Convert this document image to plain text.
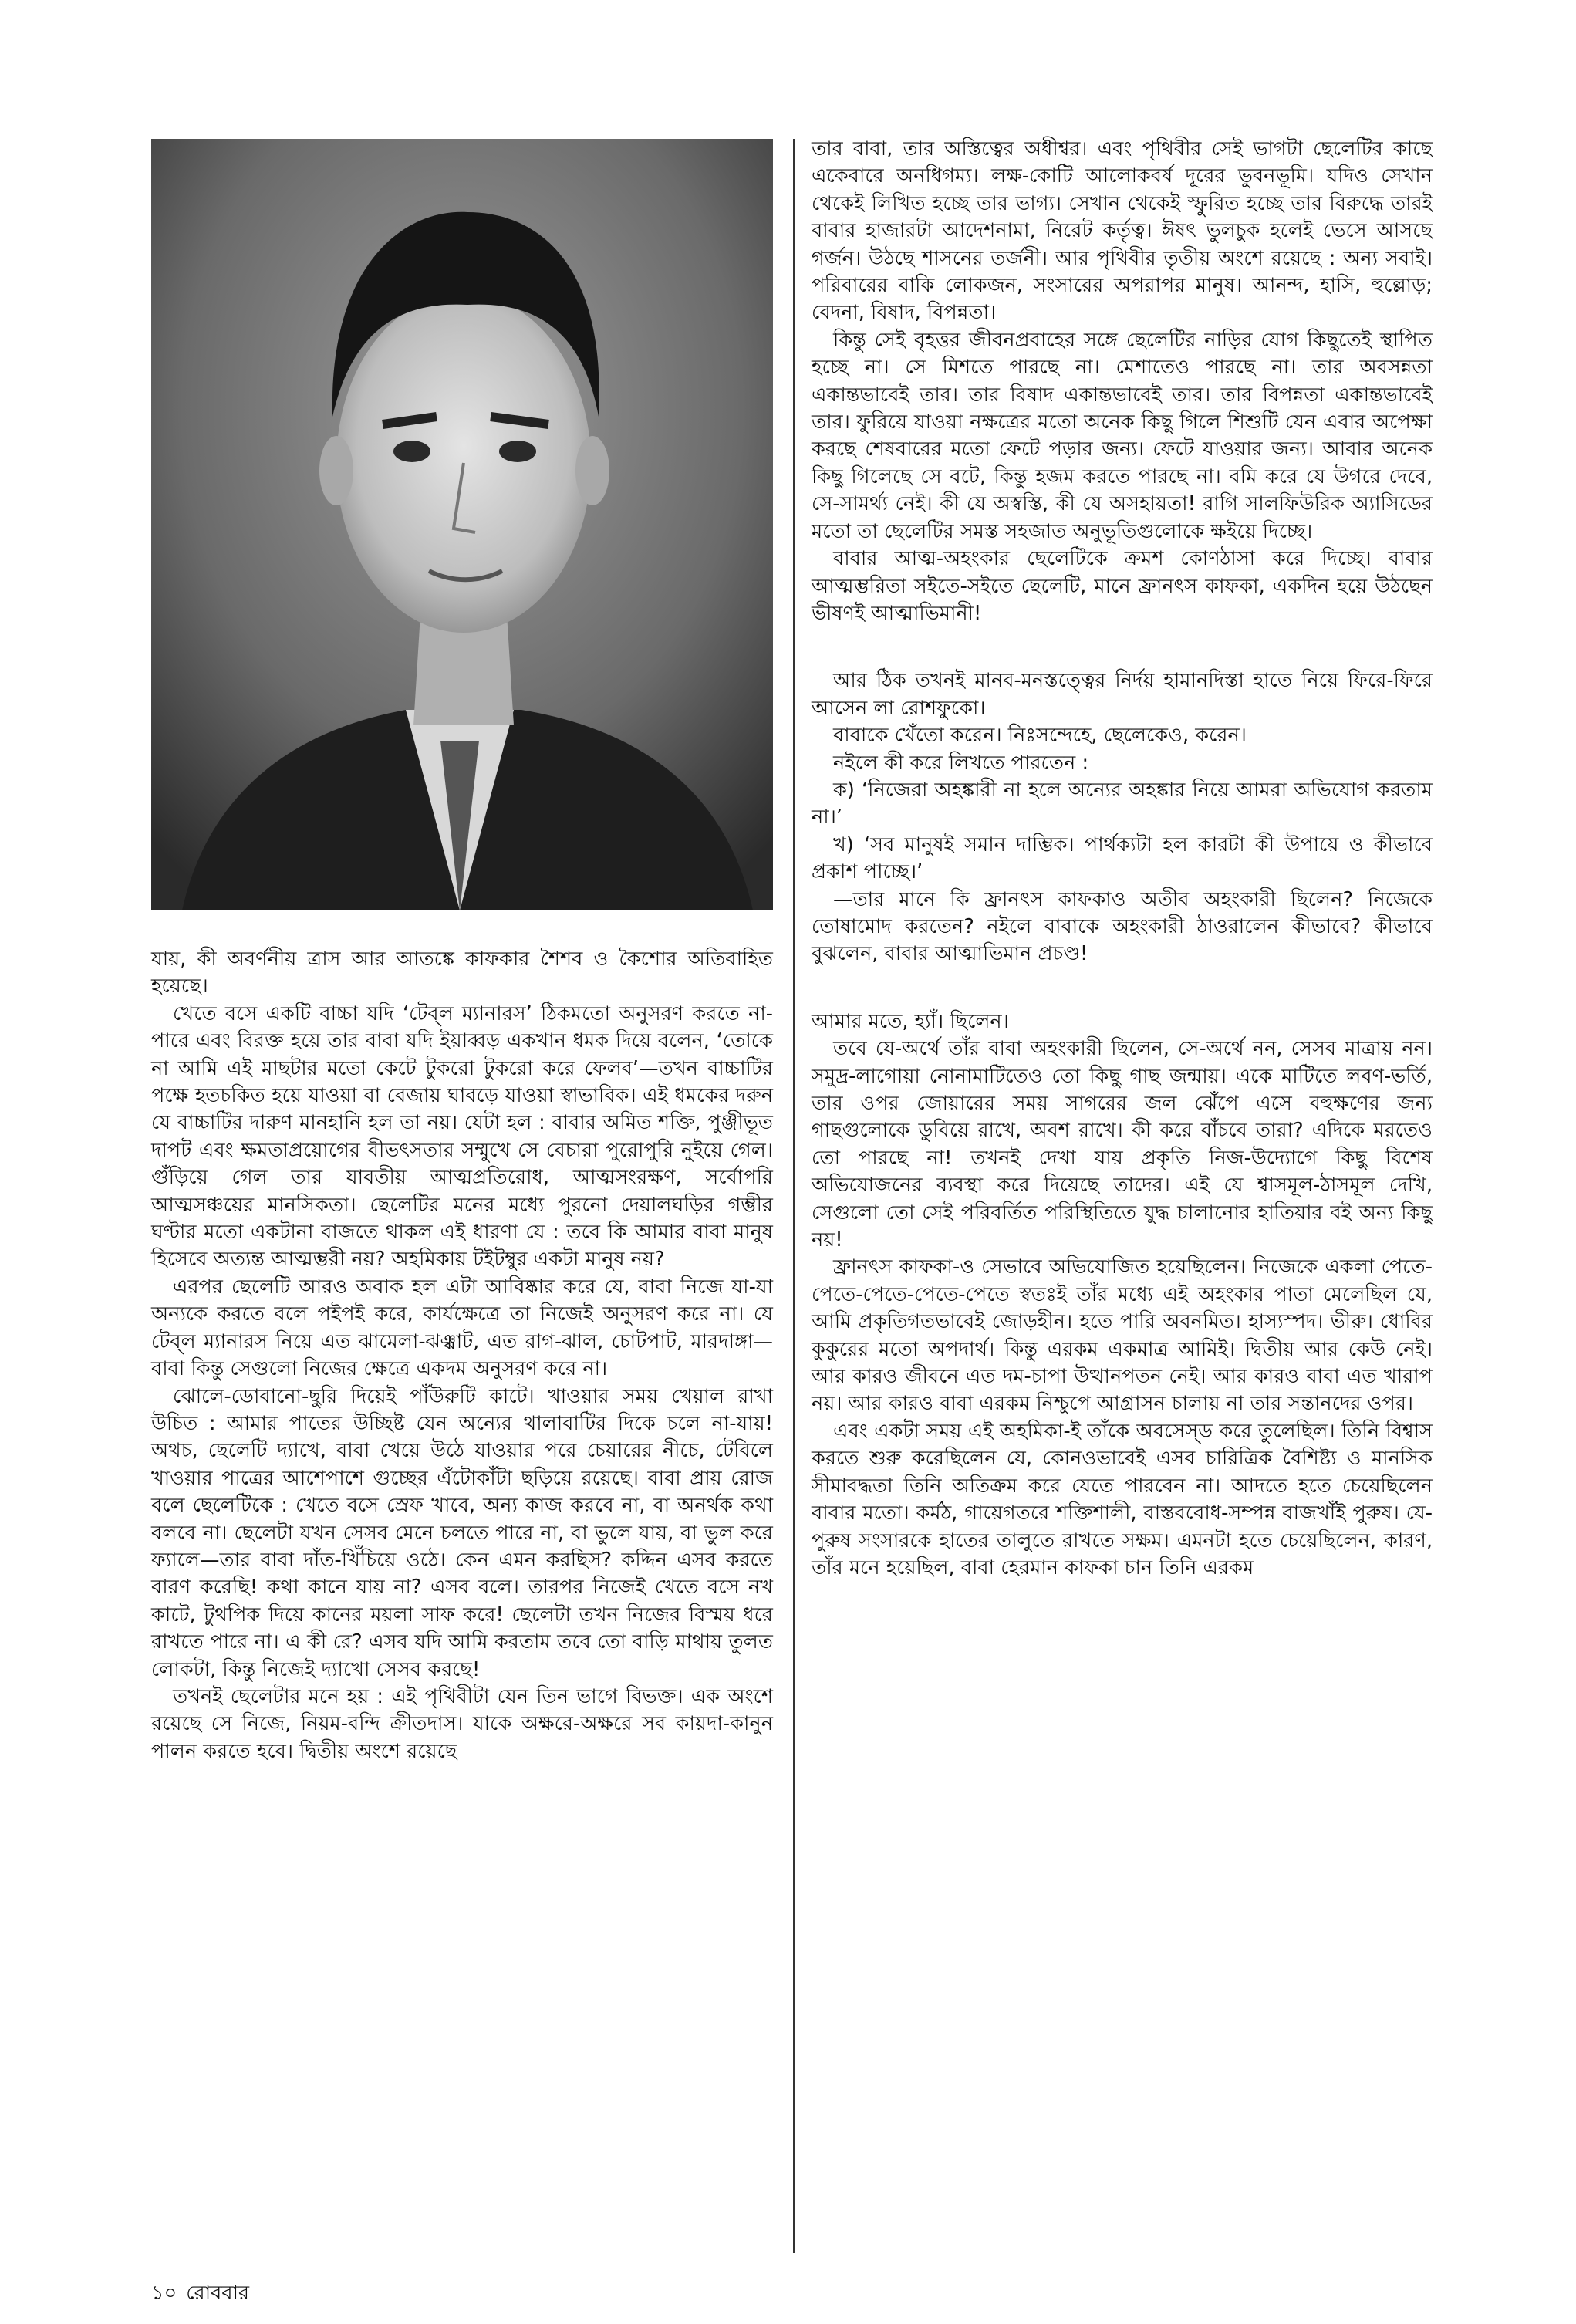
যায়, কী অবর্ণনীয় ত্রাস আর আতঙ্কে কাফকার শৈশব ও কৈশোর অতিবাহিত হয়েছে।

খেতে বসে একটি বাচ্চা যদি ‘টেব্‌ল ম্যানারস’ ঠিকমতো অনুসরণ করতে না-পারে এবং বিরক্ত হয়ে তার বাবা যদি ইয়াব্বড় একখান ধমক দিয়ে বলেন, ‘তোকে না আমি এই মাছটার মতো কেটে টুকরো টুকরো করে ফেলব’—তখন বাচ্চাটির পক্ষে হতচকিত হয়ে যাওয়া বা বেজায় ঘাবড়ে যাওয়া স্বাভাবিক। এই ধমকের দরুন যে বাচ্চাটির দারুণ মানহানি হল তা নয়। যেটা হল : বাবার অমিত শক্তি, পুঞ্জীভূত দাপট এবং ক্ষমতাপ্রয়োগের বীভৎসতার সম্মুখে সে বেচারা পুরোপুরি নুইয়ে গেল। গুঁড়িয়ে গেল তার যাবতীয় আত্মপ্রতিরোধ, আত্মসংরক্ষণ, সর্বোপরি আত্মসঞ্চয়ের মানসিকতা। ছেলেটির মনের মধ্যে পুরনো দেয়ালঘড়ির গম্ভীর ঘণ্টার মতো একটানা বাজতে থাকল এই ধারণা যে : তবে কি আমার বাবা মানুষ হিসেবে অত্যন্ত আত্মম্ভরী নয়? অহমিকায় টইটম্বুর একটা মানুষ নয়?

এরপর ছেলেটি আরও অবাক হল এটা আবিষ্কার করে যে, বাবা নিজে যা-যা অন্যকে করতে বলে পইপই করে, কার্যক্ষেত্রে তা নিজেই অনুসরণ করে না। যে টেব্‌ল ম্যানারস নিয়ে এত ঝামেলা-ঝঞ্ঝাট, এত রাগ-ঝাল, চোটপাট, মারদাঙ্গা—বাবা কিন্তু সেগুলো নিজের ক্ষেত্রে একদম অনুসরণ করে না।

ঝোলে-ডোবানো-ছুরি দিয়েই পাঁউরুটি কাটে। খাওয়ার সময় খেয়াল রাখা উচিত : আমার পাতের উচ্ছিষ্ট যেন অন্যের থালাবাটির দিকে চলে না-যায়! অথচ, ছেলেটি দ্যাখে, বাবা খেয়ে উঠে যাওয়ার পরে চেয়ারের নীচে, টেবিলে খাওয়ার পাত্রের আশেপাশে গুচ্ছের এঁটোকাঁটা ছড়িয়ে রয়েছে। বাবা প্রায় রোজ বলে ছেলেটিকে : খেতে বসে স্রেফ খাবে, অন্য কাজ করবে না, বা অনর্থক কথা বলবে না। ছেলেটা যখন সেসব মেনে চলতে পারে না, বা ভুলে যায়, বা ভুল করে ফ্যালে—তার বাবা দাঁত-খিঁচিয়ে ওঠে। কেন এমন করছিস? কদ্দিন এসব করতে বারণ করেছি! কথা কানে যায় না? এসব বলে। তারপর নিজেই খেতে বসে নখ কাটে, টুথপিক দিয়ে কানের ময়লা সাফ করে! ছেলেটা তখন নিজের বিস্ময় ধরে রাখতে পারে না। এ কী রে? এসব যদি আমি করতাম তবে তো বাড়ি মাথায় তুলত লোকটা, কিন্তু নিজেই দ্যাখো সেসব করছে!

তখনই ছেলেটার মনে হয় : এই পৃথিবীটা যেন তিন ভাগে বিভক্ত। এক অংশে রয়েছে সে নিজে, নিয়ম-বন্দি ক্রীতদাস। যাকে অক্ষরে-অক্ষরে সব কায়দা-কানুন পালন করতে হবে। দ্বিতীয় অংশে রয়েছে

তার বাবা, তার অস্তিত্বের অধীশ্বর। এবং পৃথিবীর সেই ভাগটা ছেলেটির কাছে একেবারে অনধিগম্য। লক্ষ-কোটি আলোকবর্ষ দূরের ভুবনভূমি। যদিও সেখান থেকেই লিখিত হচ্ছে তার ভাগ্য। সেখান থেকেই স্ফুরিত হচ্ছে তার বিরুদ্ধে তারই বাবার হাজারটা আদেশনামা, নিরেট কর্তৃত্ব। ঈষৎ ভুলচুক হলেই ভেসে আসছে গর্জন। উঠছে শাসনের তর্জনী। আর পৃথিবীর তৃতীয় অংশে রয়েছে : অন্য সবাই। পরিবারের বাকি লোকজন, সংসারের অপরাপর মানুষ। আনন্দ, হাসি, হুল্লোড়; বেদনা, বিষাদ, বিপন্নতা।

কিন্তু সেই বৃহত্তর জীবনপ্রবাহের সঙ্গে ছেলেটির নাড়ির যোগ কিছুতেই স্থাপিত হচ্ছে না। সে মিশতে পারছে না। মেশাতেও পারছে না। তার অবসন্নতা একান্তভাবেই তার। তার বিষাদ একান্তভাবেই তার। তার বিপন্নতা একান্তভাবেই তার। ফুরিয়ে যাওয়া নক্ষত্রের মতো অনেক কিছু গিলে শিশুটি যেন এবার অপেক্ষা করছে শেষবারের মতো ফেটে পড়ার জন্য। ফেটে যাওয়ার জন্য। আবার অনেক কিছু গিলেছে সে বটে, কিন্তু হজম করতে পারছে না। বমি করে যে উগরে দেবে, সে-সামর্থ্য নেই। কী যে অস্বস্তি, কী যে অসহায়তা! রাগি সালফিউরিক অ্যাসিডের মতো তা ছেলেটির সমস্ত সহজাত অনুভূতিগুলোকে ক্ষইয়ে দিচ্ছে।

বাবার আত্ম-অহংকার ছেলেটিকে ক্রমশ কোণঠাসা করে দিচ্ছে। বাবার আত্মম্ভরিতা সইতে-সইতে ছেলেটি, মানে ফ্রানৎস কাফকা, একদিন হয়ে উঠছেন ভীষণই আত্মাভিমানী!

আর ঠিক তখনই মানব-মনস্তত্ত্বের নির্দয় হামানদিস্তা হাতে নিয়ে ফিরে-ফিরে আসেন লা রোশফুকো।

বাবাকে খেঁতো করেন। নিঃসন্দেহে, ছেলেকেও, করেন।

নইলে কী করে লিখতে পারতেন :

ক) ‘নিজেরা অহঙ্কারী না হলে অন্যের অহঙ্কার নিয়ে আমরা অভিযোগ করতাম না।’

খ) ‘সব মানুষই সমান দাম্ভিক। পার্থক্যটা হল কারটা কী উপায়ে ও কীভাবে প্রকাশ পাচ্ছে।’

—তার মানে কি ফ্রানৎস কাফকাও অতীব অহংকারী ছিলেন? নিজেকে তোষামোদ করতেন? নইলে বাবাকে অহংকারী ঠাওরালেন কীভাবে? কীভাবে বুঝলেন, বাবার আত্মাভিমান প্রচণ্ড!

আমার মতে, হ্যাঁ। ছিলেন।

তবে যে-অর্থে তাঁর বাবা অহংকারী ছিলেন, সে-অর্থে নন, সেসব মাত্রায় নন। সমুদ্র-লাগোয়া নোনামাটিতেও তো কিছু গাছ জন্মায়। একে মাটিতে লবণ-ভর্তি, তার ওপর জোয়ারের সময় সাগরের জল ঝেঁপে এসে বহুক্ষণের জন্য গাছগুলোকে ডুবিয়ে রাখে, অবশ রাখে। কী করে বাঁচবে তারা? এদিকে মরতেও তো পারছে না! তখনই দেখা যায় প্রকৃতি নিজ-উদ্যোগে কিছু বিশেষ অভিযোজনের ব্যবস্থা করে দিয়েছে তাদের। এই যে শ্বাসমূল-ঠাসমূল দেখি, সেগুলো তো সেই পরিবর্তিত পরিস্থিতিতে যুদ্ধ চালানোর হাতিয়ার বই অন্য কিছু নয়!

ফ্রানৎস কাফকা-ও সেভাবে অভিযোজিত হয়েছিলেন। নিজেকে একলা পেতে-পেতে-পেতে-পেতে-পেতে স্বতঃই তাঁর মধ্যে এই অহংকার পাতা মেলেছিল যে, আমি প্রকৃতিগতভাবেই জোড়হীন। হতে পারি অবনমিত। হাস্যস্পদ। ভীরু। ধোবির কুকুরের মতো অপদার্থ। কিন্তু এরকম একমাত্র আমিই। দ্বিতীয় আর কেউ নেই। আর কারও জীবনে এত দম-চাপা উত্থানপতন নেই। আর কারও বাবা এত খারাপ নয়। আর কারও বাবা এরকম নিশ্চুপে আগ্রাসন চালায় না তার সন্তানদের ওপর।

এবং একটা সময় এই অহমিকা-ই তাঁকে অবসেস্‌ড করে তুলেছিল। তিনি বিশ্বাস করতে শুরু করেছিলেন যে, কোনওভাবেই এসব চারিত্রিক বৈশিষ্ট্য ও মানসিক সীমাবদ্ধতা তিনি অতিক্রম করে যেতে পারবেন না। আদতে হতে চেয়েছিলেন বাবার মতো। কর্মঠ, গায়েগতরে শক্তিশালী, বাস্তববোধ-সম্পন্ন বাজখাঁই পুরুষ। যে-পুরুষ সংসারকে হাতের তালুতে রাখতে সক্ষম। এমনটা হতে চেয়েছিলেন, কারণ, তাঁর মনে হয়েছিল, বাবা হেরমান কাফকা চান তিনি এরকম

১০ রোববার
